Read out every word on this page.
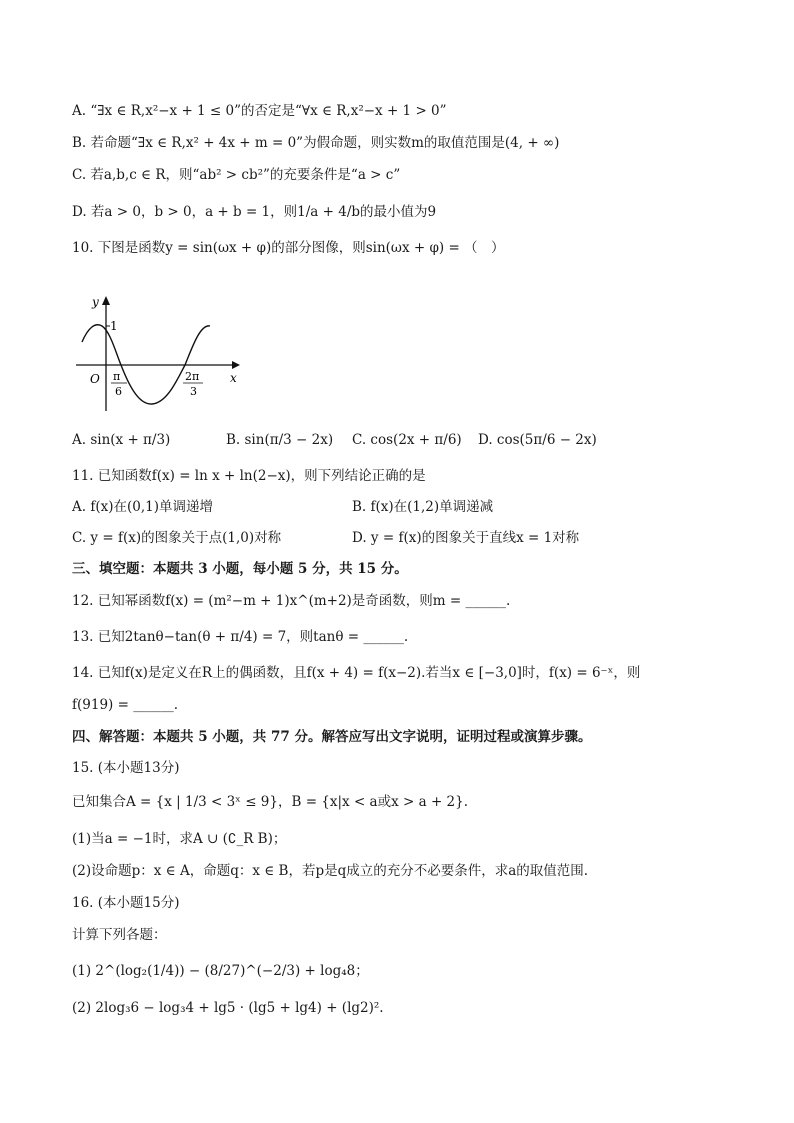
A. “∃x ∈ R,x²−x + 1 ≤ 0”的否定是“∀x ∈ R,x²−x + 1 > 0”
B. 若命题“∃x ∈ R,x² + 4x + m = 0”为假命题，则实数m的取值范围是(4, + ∞)
C. 若a,b,c ∈ R，则“ab² > cb²”的充要条件是“a > c”
D. 若a > 0，b > 0，a + b = 1，则1/a + 4/b的最小值为9
10. 下图是函数y = sin(ωx + φ)的部分图像，则sin(ωx + φ) = （　）
y
x
O
1
π
6
2π
3
A. sin(x + π/3)	B. sin(π/3 − 2x) C. cos(2x + π/6) D. cos(5π/6 − 2x)
11. 已知函数f(x) = ln x + ln(2−x)，则下列结论正确的是
A. f(x)在(0,1)单调递增	B. f(x)在(1,2)单调递减
C. y = f(x)的图象关于点(1,0)对称	D. y = f(x)的图象关于直线x = 1对称
三、填空题：本题共 3 小题，每小题 5 分，共 15 分。
12. 已知幂函数f(x) = (m²−m + 1)x^(m+2)是奇函数，则m = ______.
13. 已知2tanθ−tan(θ + π/4) = 7，则tanθ = ______.
14. 已知f(x)是定义在R上的偶函数，且f(x + 4) = f(x−2).若当x ∈ [−3,0]时，f(x) = 6⁻ˣ，则
f(919) = ______.
四、解答题：本题共 5 小题，共 77 分。解答应写出文字说明，证明过程或演算步骤。
15. (本小题13分)
已知集合A = {x | 1/3 < 3ˣ ≤ 9}，B = {x|x < a或x > a + 2}.
(1)当a = −1时，求A ∪ (∁_R B)；
(2)设命题p：x ∈ A，命题q：x ∈ B，若p是q成立的充分不必要条件，求a的取值范围.
16. (本小题15分)
计算下列各题：
(1) 2^(log₂(1/4)) − (8/27)^(−2/3) + log₄8；
(2) 2log₃6 − log₃4 + lg5 · (lg5 + lg4) + (lg2)².
